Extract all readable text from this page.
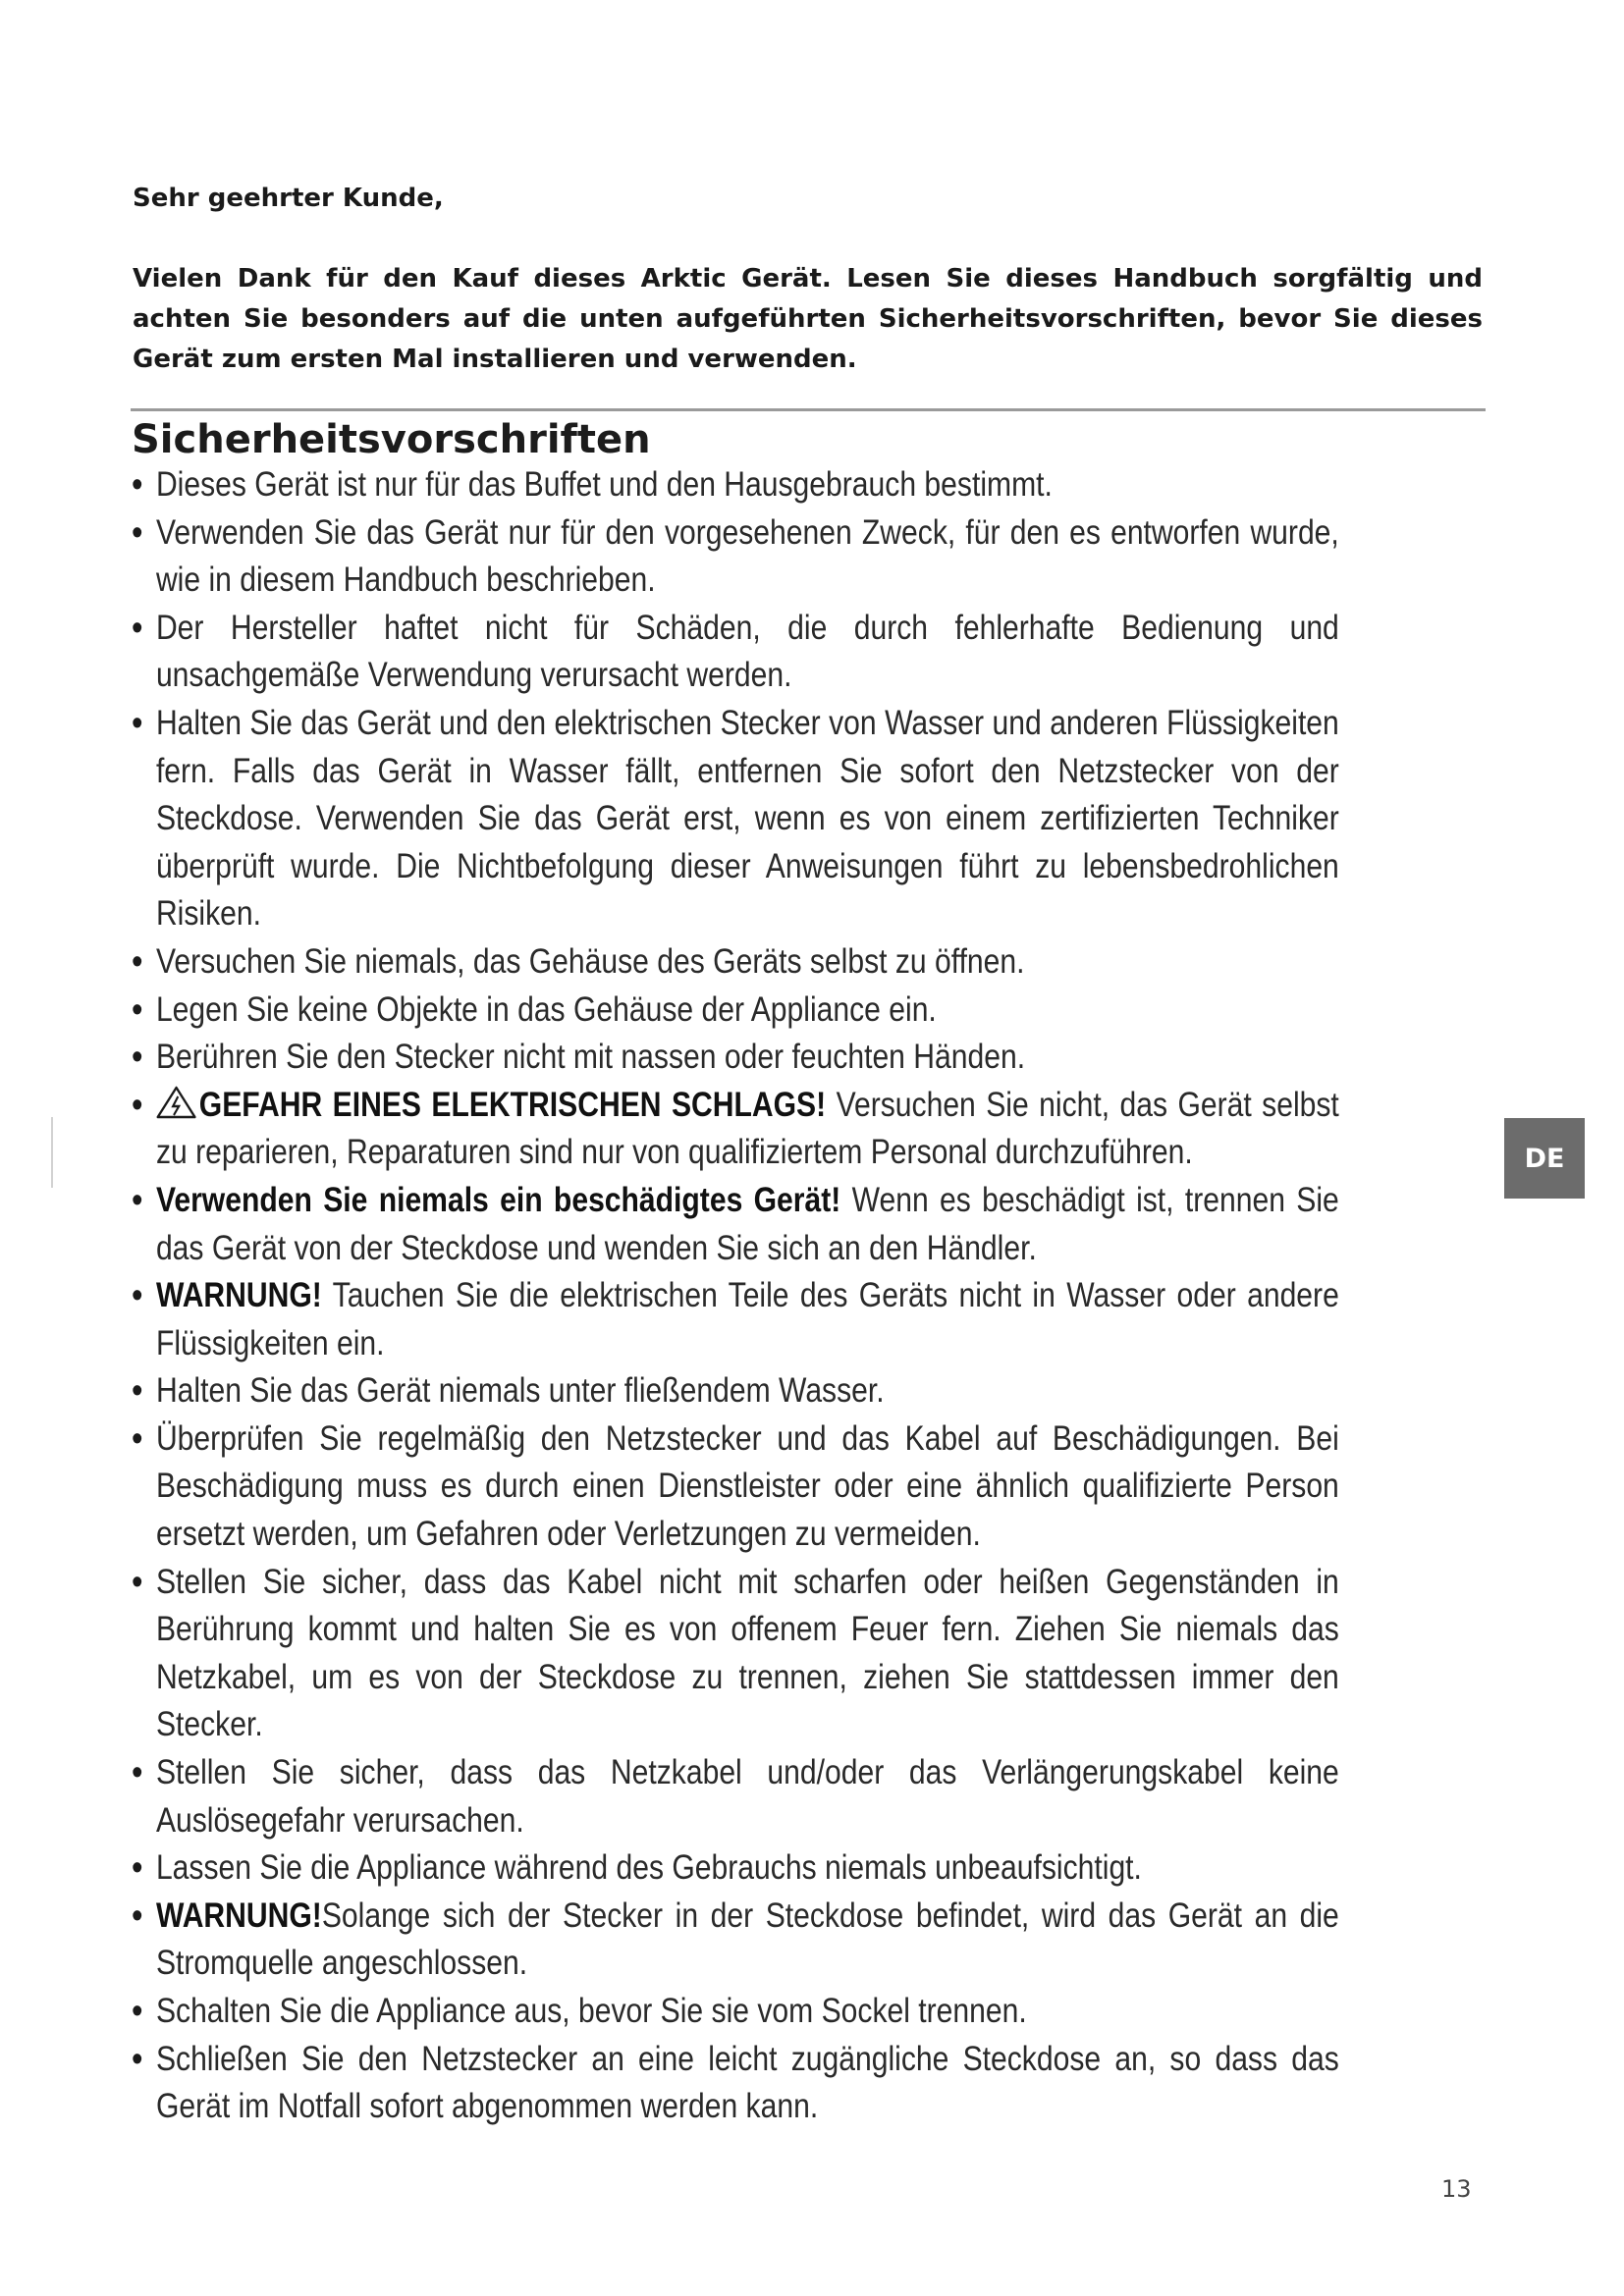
Sehr geehrter Kunde,
Vielen Dank für den Kauf dieses Arktic Gerät. Lesen Sie dieses Handbuch sorgfältig und achten Sie besonders auf die unten aufgeführten Sicherheitsvorschriften, bevor Sie dieses Gerät zum ersten Mal installieren und verwenden.
Sicherheitsvorschriften
• Dieses Gerät ist nur für das Buffet und den Hausgebrauch bestimmt.
• Verwenden Sie das Gerät nur für den vorgesehenen Zweck, für den es entworfen wurde, wie in diesem Handbuch beschrieben.
• Der Hersteller haftet nicht für Schäden, die durch fehlerhafte Bedienung und unsachgemäße Verwendung verursacht werden.
• Halten Sie das Gerät und den elektrischen Stecker von Wasser und anderen Flüssigkeiten fern. Falls das Gerät in Wasser fällt, entfernen Sie sofort den Netzstecker von der Steckdose. Verwenden Sie das Gerät erst, wenn es von einem zertifizierten Techniker überprüft wurde. Die Nichtbefolgung dieser Anweisungen führt zu lebensbedrohlichen Risiken.
• Versuchen Sie niemals, das Gehäuse des Geräts selbst zu öffnen.
• Legen Sie keine Objekte in das Gehäuse der Appliance ein.
• Berühren Sie den Stecker nicht mit nassen oder feuchten Händen.
• GEFAHR EINES ELEKTRISCHEN SCHLAGS! Versuchen Sie nicht, das Gerät selbst zu reparieren, Reparaturen sind nur von qualifiziertem Personal durchzuführen.
• Verwenden Sie niemals ein beschädigtes Gerät! Wenn es beschädigt ist, trennen Sie das Gerät von der Steckdose und wenden Sie sich an den Händler.
• WARNUNG! Tauchen Sie die elektrischen Teile des Geräts nicht in Wasser oder andere Flüssigkeiten ein.
• Halten Sie das Gerät niemals unter fließendem Wasser.
• Überprüfen Sie regelmäßig den Netzstecker und das Kabel auf Beschädigungen. Bei Beschädigung muss es durch einen Dienstleister oder eine ähnlich qualifizierte Person ersetzt werden, um Gefahren oder Verletzungen zu vermeiden.
• Stellen Sie sicher, dass das Kabel nicht mit scharfen oder heißen Gegenständen in Berührung kommt und halten Sie es von offenem Feuer fern. Ziehen Sie niemals das Netzkabel, um es von der Steckdose zu trennen, ziehen Sie stattdessen immer den Stecker.
• Stellen Sie sicher, dass das Netzkabel und/oder das Verlängerungskabel keine Auslösegefahr verursachen.
• Lassen Sie die Appliance während des Gebrauchs niemals unbeaufsichtigt.
• WARNUNG!Solange sich der Stecker in der Steckdose befindet, wird das Gerät an die Stromquelle angeschlossen.
• Schalten Sie die Appliance aus, bevor Sie sie vom Sockel trennen.
• Schließen Sie den Netzstecker an eine leicht zugängliche Steckdose an, so dass das Gerät im Notfall sofort abgenommen werden kann.
DE
13
